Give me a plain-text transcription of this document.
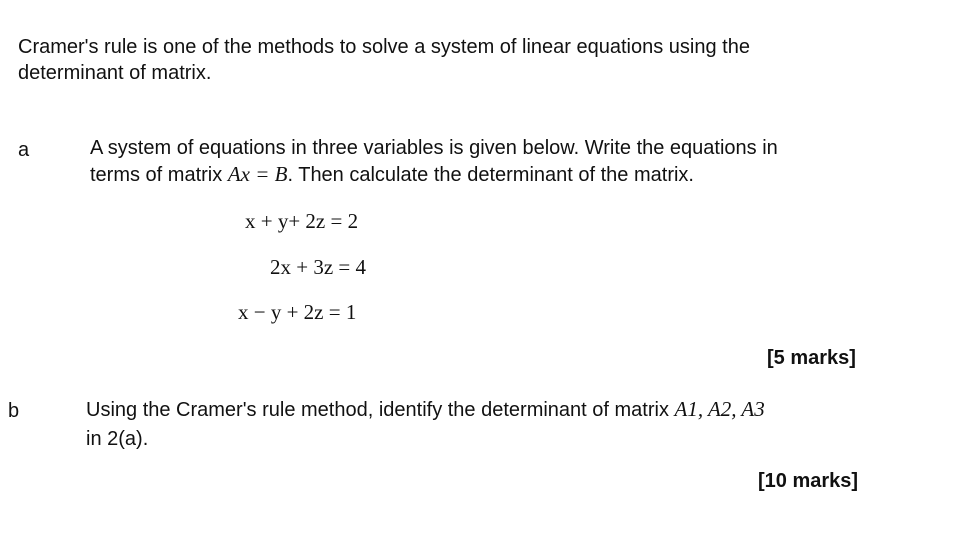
Cramer's rule is one of the methods to solve a system of linear equations using the

determinant of matrix.

a	A system of equations in three variables is given below. Write the equations in

terms of matrix Ax = B. Then calculate the determinant of the matrix.

x + y+ 2z = 2
2x + 3z = 4
x − y + 2z = 1
[5 marks]
b	Using the Cramer's rule method, identify the determinant of matrix A1, A2, A3

in 2(a).

[10 marks]
